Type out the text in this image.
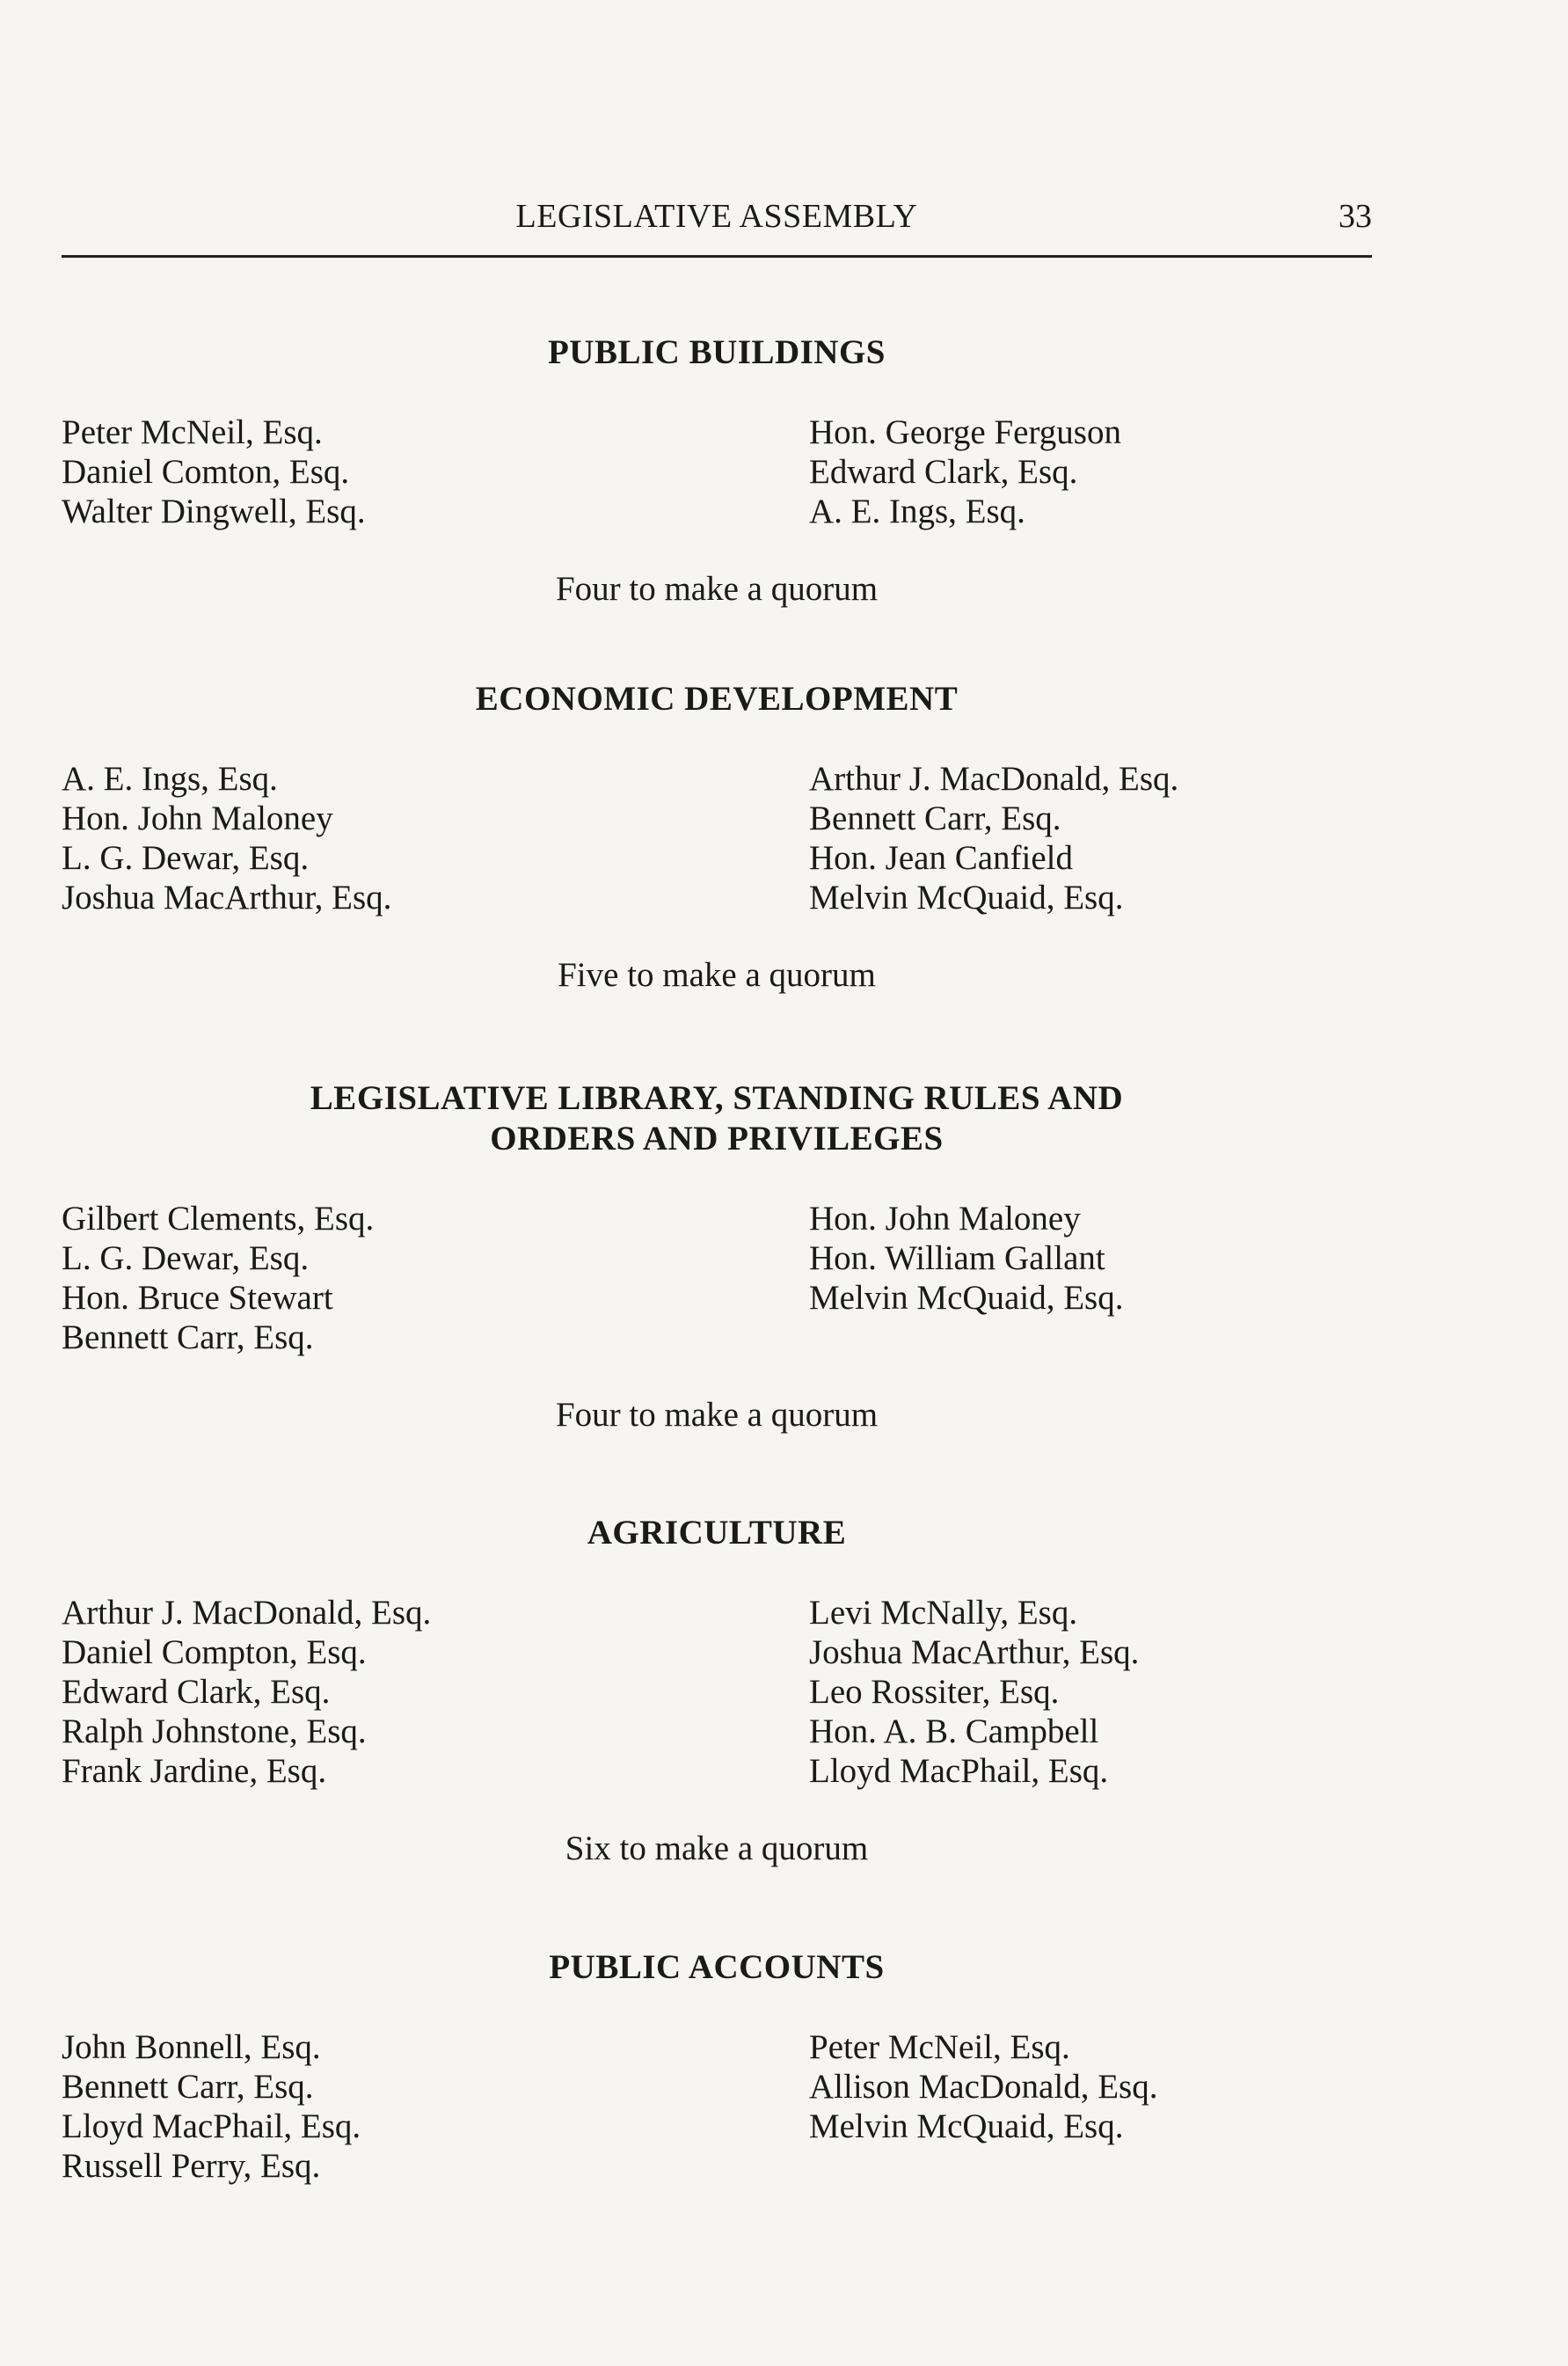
LEGISLATIVE ASSEMBLY	33
PUBLIC BUILDINGS
Peter McNeil, Esq.
Daniel Comton, Esq.
Walter Dingwell, Esq.
Hon. George Ferguson
Edward Clark, Esq.
A. E. Ings, Esq.
Four to make a quorum
ECONOMIC DEVELOPMENT
A. E. Ings, Esq.
Hon. John Maloney
L. G. Dewar, Esq.
Joshua MacArthur, Esq.
Arthur J. MacDonald, Esq.
Bennett Carr, Esq.
Hon. Jean Canfield
Melvin McQuaid, Esq.
Five to make a quorum
LEGISLATIVE LIBRARY, STANDING RULES AND
ORDERS AND PRIVILEGES
Gilbert Clements, Esq.
L. G. Dewar, Esq.
Hon. Bruce Stewart
Bennett Carr, Esq.
Hon. John Maloney
Hon. William Gallant
Melvin McQuaid, Esq.
Four to make a quorum
AGRICULTURE
Arthur J. MacDonald, Esq.
Daniel Compton, Esq.
Edward Clark, Esq.
Ralph Johnstone, Esq.
Frank Jardine, Esq.
Levi McNally, Esq.
Joshua MacArthur, Esq.
Leo Rossiter, Esq.
Hon. A. B. Campbell
Lloyd MacPhail, Esq.
Six to make a quorum
PUBLIC ACCOUNTS
John Bonnell, Esq.
Bennett Carr, Esq.
Lloyd MacPhail, Esq.
Russell Perry, Esq.
Peter McNeil, Esq.
Allison MacDonald, Esq.
Melvin McQuaid, Esq.
